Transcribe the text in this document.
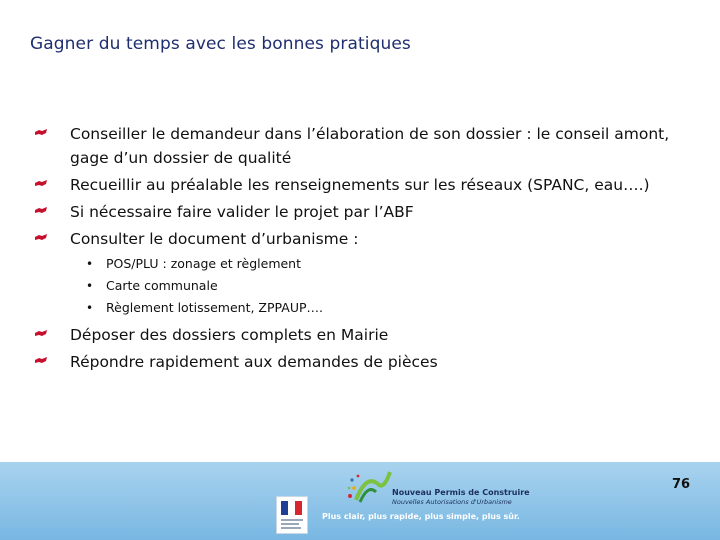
Gagner du temps avec les bonnes pratiques
Conseiller le demandeur dans l’élaboration de son dossier : le conseil amont, gage d’un dossier de qualité
Recueillir au préalable les renseignements sur les réseaux (SPANC, eau….)
Si nécessaire faire valider le projet par l’ABF
Consulter le document d’urbanisme :
• POS/PLU : zonage et règlement
• Carte communale
• Règlement lotissement, ZPPAUP….
Déposer des dossiers complets en Mairie
Répondre rapidement aux demandes de pièces
Nouveau Permis de Construire
Nouvelles Autorisations d'Urbanisme
Plus clair, plus rapide, plus simple, plus sûr.
76
